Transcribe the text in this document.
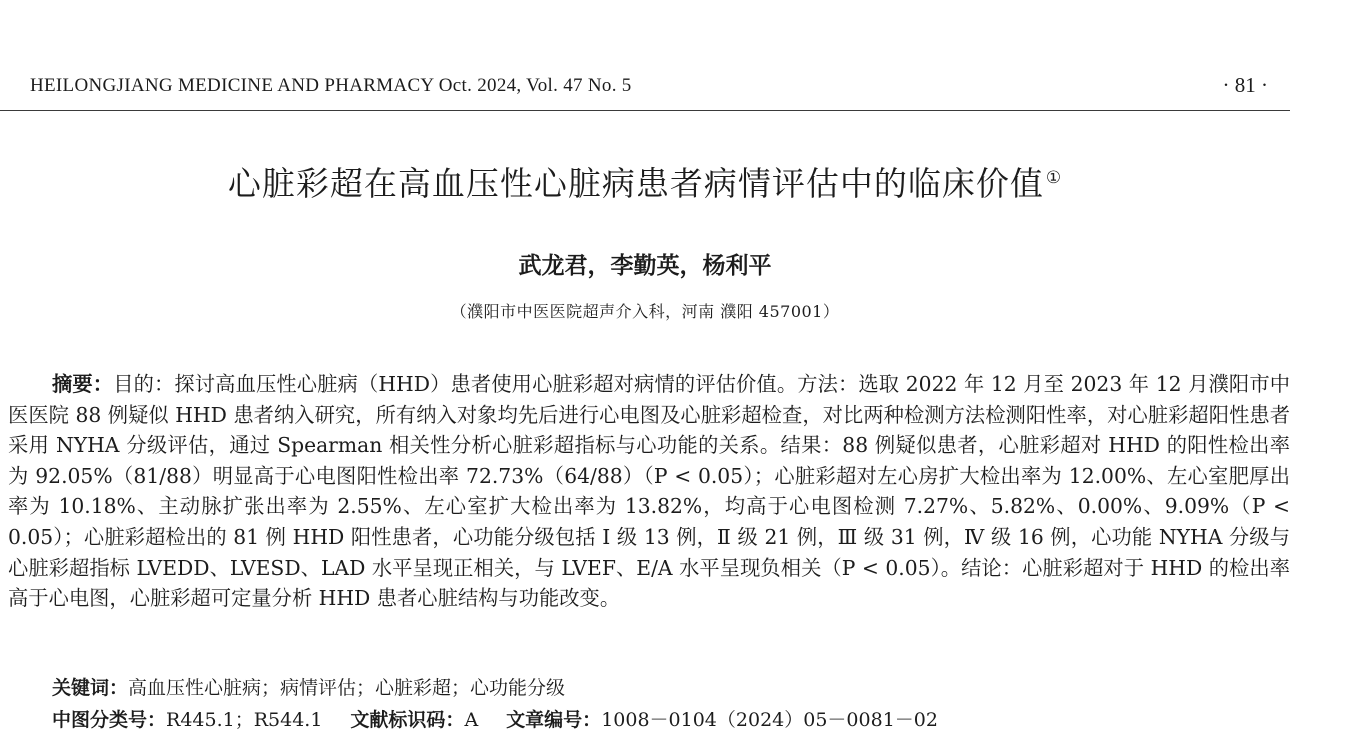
HEILONGJIANG MEDICINE AND PHARMACY Oct. 2024, Vol. 47 No. 5	· 81 ·
心脏彩超在高血压性心脏病患者病情评估中的临床价值 ①
武龙君，李勤英，杨利平
（濮阳市中医医院超声介入科，河南 濮阳 457001）
摘要：目的：探讨高血压性心脏病（HHD）患者使用心脏彩超对病情的评估价值。方法：选取 2022 年 12 月至 2023 年 12 月濮阳市中医医院 88 例疑似 HHD 患者纳入研究，所有纳入对象均先后进行心电图及心脏彩超检查，对比两种检测方法检测阳性率，对心脏彩超阳性患者采用 NYHA 分级评估，通过 Spearman 相关性分析心脏彩超指标与心功能的关系。结果：88 例疑似患者，心脏彩超对 HHD 的阳性检出率为 92.05%（81/88）明显高于心电图阳性检出率 72.73%（64/88）（P < 0.05）；心脏彩超对左心房扩大检出率为 12.00%、左心室肥厚出率为 10.18%、主动脉扩张出率为 2.55%、左心室扩大检出率为 13.82%，均高于心电图检测 7.27%、5.82%、0.00%、9.09%（P < 0.05）；心脏彩超检出的 81 例 HHD 阳性患者，心功能分级包括 Ⅰ 级 13 例，Ⅱ 级 21 例，Ⅲ 级 31 例，Ⅳ 级 16 例，心功能 NYHA 分级与心脏彩超指标 LVEDD、LVESD、LAD 水平呈现正相关，与 LVEF、E/A 水平呈现负相关（P < 0.05）。结论：心脏彩超对于 HHD 的检出率高于心电图，心脏彩超可定量分析 HHD 患者心脏结构与功能改变。
关键词：高血压性心脏病；病情评估；心脏彩超；心功能分级
中图分类号：R445.1；R544.1 文献标识码：A 文章编号：1008－0104（2024）05－0081－02
